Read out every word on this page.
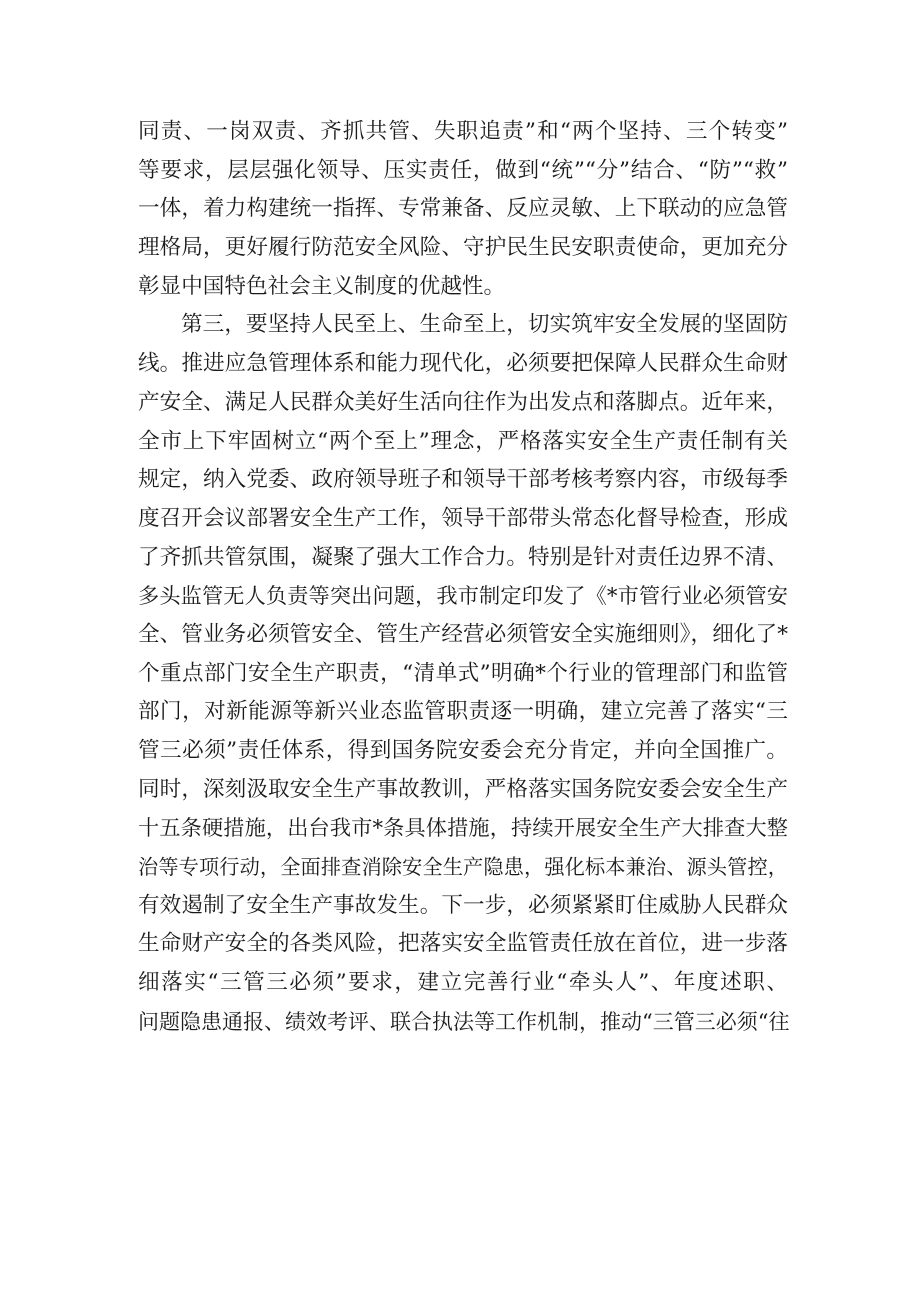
同责、一岗双责、齐抓共管、失职追责”和“两个坚持、三个转变”
等要求，层层强化领导、压实责任，做到“统”“分”结合、“防”“救”
一体，着力构建统一指挥、专常兼备、反应灵敏、上下联动的应急管
理格局，更好履行防范安全风险、守护民生民安职责使命，更加充分
彰显中国特色社会主义制度的优越性。
第三，要坚持人民至上、生命至上，切实筑牢安全发展的坚固防
线。推进应急管理体系和能力现代化，必须要把保障人民群众生命财
产安全、满足人民群众美好生活向往作为出发点和落脚点。近年来，
全市上下牢固树立“两个至上”理念，严格落实安全生产责任制有关
规定，纳入党委、政府领导班子和领导干部考核考察内容，市级每季
度召开会议部署安全生产工作，领导干部带头常态化督导检查，形成
了齐抓共管氛围，凝聚了强大工作合力。特别是针对责任边界不清、
多头监管无人负责等突出问题，我市制定印发了《*市管行业必须管安
全、管业务必须管安全、管生产经营必须管安全实施细则》，细化了*
个重点部门安全生产职责，“清单式”明确*个行业的管理部门和监管
部门，对新能源等新兴业态监管职责逐一明确，建立完善了落实“三
管三必须”责任体系，得到国务院安委会充分肯定，并向全国推广。
同时，深刻汲取安全生产事故教训，严格落实国务院安委会安全生产
十五条硬措施，出台我市*条具体措施，持续开展安全生产大排查大整
治等专项行动，全面排查消除安全生产隐患，强化标本兼治、源头管控，
有效遏制了安全生产事故发生。下一步，必须紧紧盯住威胁人民群众
生命财产安全的各类风险，把落实安全监管责任放在首位，进一步落
细落实“三管三必须”要求，建立完善行业“牵头人”、年度述职、
问题隐患通报、绩效考评、联合执法等工作机制，推动“三管三必须“往
